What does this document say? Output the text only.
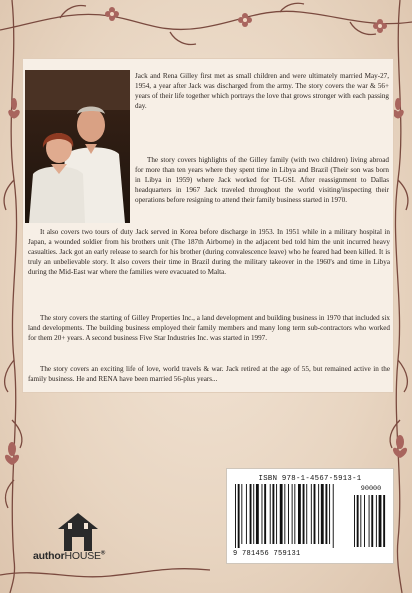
Jack and Rena Gilley first met as small children and were ultimately married May-27, 1954, a year after Jack was discharged from the army. The story covers the war & 56+ years of their life together which portrays the love that grows stronger with each passing day.

The story covers highlights of the Gilley family (with two children) living abroad for more than ten years where they spent time in Libya and Brazil (Their son was born in Libya in 1959) where Jack worked for TI-GSI. After reassignment to Dallas headquarters in 1967 Jack traveled throughout the world visiting/inspecting their operations before resigning to attend their family business started in 1970.

It also covers two tours of duty Jack served in Korea before discharge in 1953. In 1951 while in a military hospital in Japan, a wounded soldier from his brothers unit (The 187th Airborne) in the adjacent bed told him the unit incurred heavy casualties. Jack got an early release to search for his brother (during convalescence leave) who he feared had been killed. It is truly an unbelievable story. It also covers their time in Brazil during the military takeover in the 1960's and time in Libya during the Mid-East war where the families were evacuated to Malta.

The story covers the starting of Gilley Properties Inc., a land development and building business in 1970 that included six land developments. The building business employed their family members and many long term sub-contractors who worked for them 20+ years. A second business Five Star Industries Inc. was started in 1997.

The story covers an exciting life of love, world travels & war. Jack retired at the age of 55, but remained active in the family business. He and RENA have been married 56-plus years...

ISBN 978-1-4567-5913-1
90000
9 781456 759131
authorHOUSE®
